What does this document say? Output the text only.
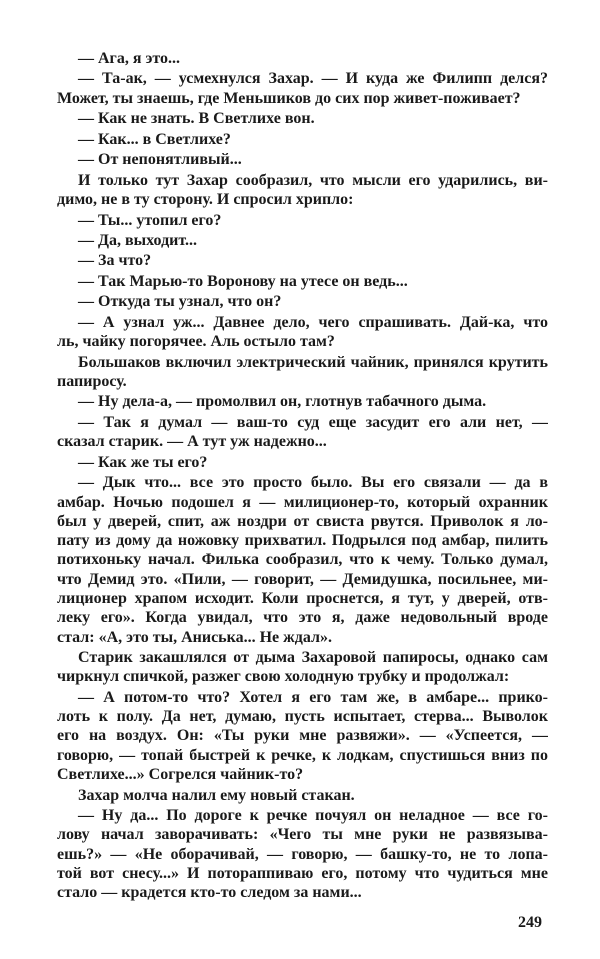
— Ага, я это...
— Та-ак, — усмехнулся Захар. — И куда же Филипп делся?
Может, ты знаешь, где Меньшиков до сих пор живет-поживает?
— Как не знать. В Светлихе вон.
— Как... в Светлихе?
— От непонятливый...
И только тут Захар сообразил, что мысли его ударились, ви-
димо, не в ту сторону. И спросил хрипло:
— Ты... утопил его?
— Да, выходит...
— За что?
— Так Марью-то Воронову на утесе он ведь...
— Откуда ты узнал, что он?
— А узнал уж... Давнее дело, чего спрашивать. Дай-ка, что
ль, чайку погорячее. Аль остыло там?
Большаков включил электрический чайник, принялся крутить
папиросу.
— Ну дела-а, — промолвил он, глотнув табачного дыма.
— Так я думал — ваш-то суд еще засудит его али нет, —
сказал старик. — А тут уж надежно...
— Как же ты его?
— Дык что... все это просто было. Вы его связали — да в
амбар. Ночью подошел я — милиционер-то, который охранник
был у дверей, спит, аж ноздри от свиста рвутся. Приволок я ло-
пату из дому да ножовку прихватил. Подрылся под амбар, пилить
потихоньку начал. Филька сообразил, что к чему. Только думал,
что Демид это. «Пили, — говорит, — Демидушка, посильнее, ми-
лиционер храпом исходит. Коли проснется, я тут, у дверей, отв-
леку его». Когда увидал, что это я, даже недовольный вроде
стал: «А, это ты, Аниська... Не ждал».
Старик закашлялся от дыма Захаровой папиросы, однако сам
чиркнул спичкой, разжег свою холодную трубку и продолжал:
— А потом-то что? Хотел я его там же, в амбаре... прико-
лоть к полу. Да нет, думаю, пусть испытает, стерва... Выволок
его на воздух. Он: «Ты руки мне развяжи». — «Успеется, —
говорю, — топай быстрей к речке, к лодкам, спустишься вниз по
Светлихе...» Согрелся чайник-то?
Захар молча налил ему новый стакан.
— Ну да... По дороге к речке почуял он неладное — все го-
лову начал заворачивать: «Чего ты мне руки не развязыва-
ешь?» — «Не оборачивай, — говорю, — башку-то, не то лопа-
той вот снесу...» И потораппиваю его, потому что чудиться мне
стало — крадется кто-то следом за нами...
249
